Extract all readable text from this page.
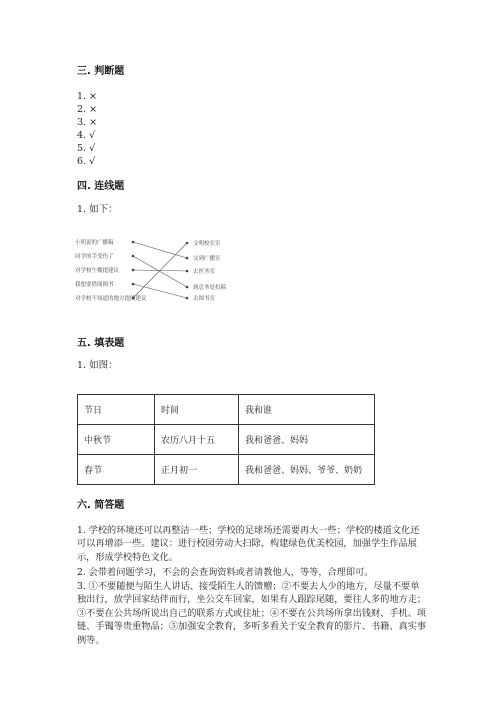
三. 判断题
1. ×
2. ×
3. ×
4. √
5. √
6. √
四. 连线题
1. 如下：
小明说的广播稿
同学的手受伤了
对学校午餐提建议
我想要借阅图书
对学校不知道的地方提的建议
文明校长室
交到广播室
去医务室
到总务处投稿
去图书室
五. 填表题
1. 如图：
节日	时间	我和谁
中秋节	农历八月十五	我和爸爸、妈妈
春节	正月初一	我和爸爸、妈妈、爷爷、奶奶
六. 简答题

1. 学校的环境还可以再整洁一些；学校的足球场还需要再大一些；学校的楼道文化还可以再增添一些。建议：进行校园劳动大扫除，构建绿色优美校园，加强学生作品展示，形成学校特色文化。

2. 会带着问题学习，不会的会查询资料或者请教他人，等等，合理即可。

3. ①不要随便与陌生人讲话、接受陌生人的馈赠；②不要去人少的地方，尽量不要单独出行，放学回家结伴而行，坐公交车回家，如果有人跟踪尾随，要往人多的地方走；③不要在公共场所说出自己的联系方式或住址；④不要在公共场所拿出钱财、手机、项链、手镯等贵重物品；⑤加强安全教育，多听多看关于安全教育的影片、书籍、真实事例等。
